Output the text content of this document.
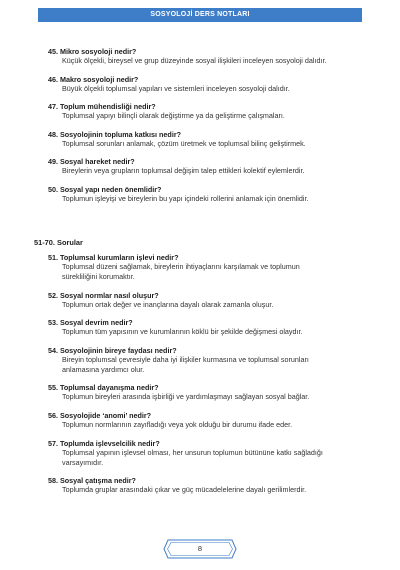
SOSYOLOJİ DERS NOTLARI
45. Mikro sosyoloji nedir?
Küçük ölçekli, bireysel ve grup düzeyinde sosyal ilişkileri inceleyen sosyoloji dalıdır.
46. Makro sosyoloji nedir?
Büyük ölçekli toplumsal yapıları ve sistemleri inceleyen sosyoloji dalıdır.
47. Toplum mühendisliği nedir?
Toplumsal yapıyı bilinçli olarak değiştirme ya da geliştirme çalışmaları.
48. Sosyolojinin topluma katkısı nedir?
Toplumsal sorunları anlamak, çözüm üretmek ve toplumsal bilinç geliştirmek.
49. Sosyal hareket nedir?
Bireylerin veya grupların toplumsal değişim talep ettikleri kolektif eylemlerdir.
50. Sosyal yapı neden önemlidir?
Toplumun işleyişi ve bireylerin bu yapı içindeki rollerini anlamak için önemlidir.
51-70. Sorular
51. Toplumsal kurumların işlevi nedir?
Toplumsal düzeni sağlamak, bireylerin ihtiyaçlarını karşılamak ve toplumun
sürekliliğini korumaktır.
52. Sosyal normlar nasıl oluşur?
Toplumun ortak değer ve inançlarına dayalı olarak zamanla oluşur.
53. Sosyal devrim nedir?
Toplumun tüm yapısının ve kurumlarının köklü bir şekilde değişmesi olaydır.
54. Sosyolojinin bireye faydası nedir?
Bireyin toplumsal çevresiyle daha iyi ilişkiler kurmasına ve toplumsal sorunları
anlamasına yardımcı olur.
55. Toplumsal dayanışma nedir?
Toplumun bireyleri arasında işbirliği ve yardımlaşmayı sağlayan sosyal bağlar.
56. Sosyolojide ‘anomi’ nedir?
Toplumun normlarının zayıfladığı veya yok olduğu bir durumu ifade eder.
57. Toplumda işlevselcilik nedir?
Toplumsal yapının işlevsel olması, her unsurun toplumun bütününe katkı sağladığı
varsayımıdır.
58. Sosyal çatışma nedir?
Toplumda gruplar arasındaki çıkar ve güç mücadelelerine dayalı gerilimlerdir.
8
